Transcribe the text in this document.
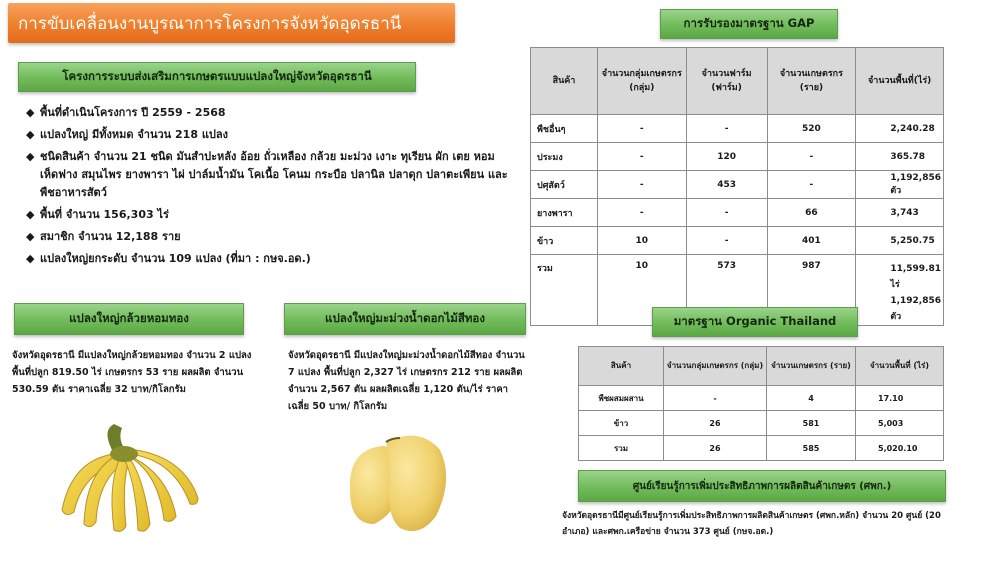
การขับเคลื่อนงานบูรณาการโครงการจังหวัดอุดรธานี
โครงการระบบส่งเสริมการเกษตรแบบแปลงใหญ่จังหวัดอุดรธานี
◆ พื้นที่ดำเนินโครงการ ปี 2559 - 2568
◆ แปลงใหญ่ มีทั้งหมด จำนวน 218 แปลง
◆ ชนิดสินค้า จำนวน 21 ชนิด มันสำปะหลัง อ้อย ถั่วเหลือง กล้วย มะม่วง เงาะ ทุเรียน ผัก เตย หอม เห็ดฟาง สมุนไพร ยางพารา ไผ่ ปาล์มน้ำมัน โคเนื้อ โคนม กระบือ ปลานิล ปลาดุก ปลาตะเพียน และพืชอาหารสัตว์
◆ พื้นที่ จำนวน 156,303 ไร่
◆ สมาชิก จำนวน 12,188 ราย
◆ แปลงใหญ่ยกระดับ จำนวน 109 แปลง (ที่มา : กษจ.อด.)
แปลงใหญ่กล้วยหอมทอง
จังหวัดอุดรธานี มีแปลงใหญ่กล้วยหอมทอง จำนวน 2 แปลง พื้นที่ปลูก 819.50 ไร่ เกษตรกร 53 ราย ผลผลิต จำนวน 530.59 ตัน ราคาเฉลี่ย 32 บาท/กิโลกรัม
แปลงใหญ่มะม่วงน้ำดอกไม้สีทอง
จังหวัดอุดรธานี มีแปลงใหญ่มะม่วงน้ำดอกไม้สีทอง จำนวน 7 แปลง พื้นที่ปลูก 2,327 ไร่ เกษตรกร 212 ราย ผลผลิต จำนวน 2,567 ตัน ผลผลิตเฉลี่ย 1,120 ตัน/ไร่ ราคาเฉลี่ย 50 บาท/ กิโลกรัม
การรับรองมาตรฐาน GAP
สินค้า	จำนวนกลุ่มเกษตรกร (กลุ่ม)	จำนวนฟาร์ม (ฟาร์ม)	จำนวนเกษตรกร (ราย)	จำนวนพื้นที่(ไร่)
พืชอื่นๆ	-	-	520	2,240.28
ประมง	-	120	-	365.78
ปศุสัตว์	-	453	-	1,192,856 ตัว
ยางพารา	-	-	66	3,743
ข้าว	10	-	401	5,250.75
รวม	10	573	987	11,599.81 ไร่
1,192,856 ตัว
มาตรฐาน Organic Thailand
สินค้า	จำนวนกลุ่มเกษตรกร (กลุ่ม)	จำนวนเกษตรกร (ราย)	จำนวนพื้นที่ (ไร่)
พืชผสมผสาน	-	4	17.10
ข้าว	26	581	5,003
รวม	26	585	5,020.10
ศูนย์เรียนรู้การเพิ่มประสิทธิภาพการผลิตสินค้าเกษตร (ศพก.)
จังหวัดอุดรธานีมีศูนย์เรียนรู้การเพิ่มประสิทธิภาพการผลิตสินค้าเกษตร (ศพก.หลัก) จำนวน 20 ศูนย์ (20 อำเภอ) และศพก.เครือข่าย จำนวน 373 ศูนย์ (กษจ.อด.)
